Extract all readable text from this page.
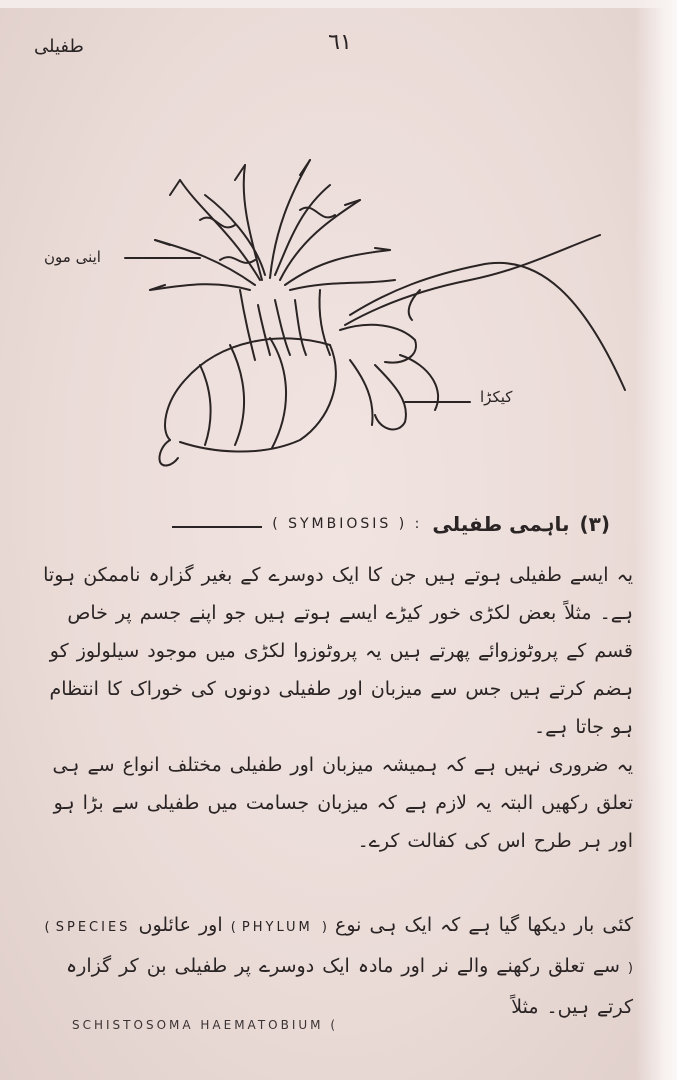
طفیلی	٦١
اینی مون
کیکڑا
(۳)
باہمی طفیلی
( SYMBIOSIS ) :
یہ ایسے طفیلی ہوتے ہیں جن کا ایک دوسرے کے بغیر گزارہ ناممکن ہوتا ہے۔ مثلاً بعض لکڑی خور کیڑے ایسے ہوتے ہیں جو اپنے جسم پر خاص قسم کے پروٹوزوائے پھرتے ہیں یہ پروٹوزوا لکڑی میں موجود سیلولوز کو ہضم کرتے ہیں جس سے میزبان اور طفیلی دونوں کی خوراک کا انتظام ہو جاتا ہے۔
یہ ضروری نہیں ہے کہ ہمیشہ میزبان اور طفیلی مختلف انواع سے ہی تعلق رکھیں البتہ یہ لازم ہے کہ میزبان جسامت میں طفیلی سے بڑا ہو اور ہر طرح اس کی کفالت کرے۔
کئی بار دیکھا گیا ہے کہ ایک ہی نوع ( PHYLUM ) اور عائلوں ( SPECIES ) سے تعلق رکھنے والے نر اور مادہ ایک دوسرے پر طفیلی بن کر گزارہ کرتے ہیں۔ مثلاً
SCHISTOSOMA HAEMATOBIUM (
